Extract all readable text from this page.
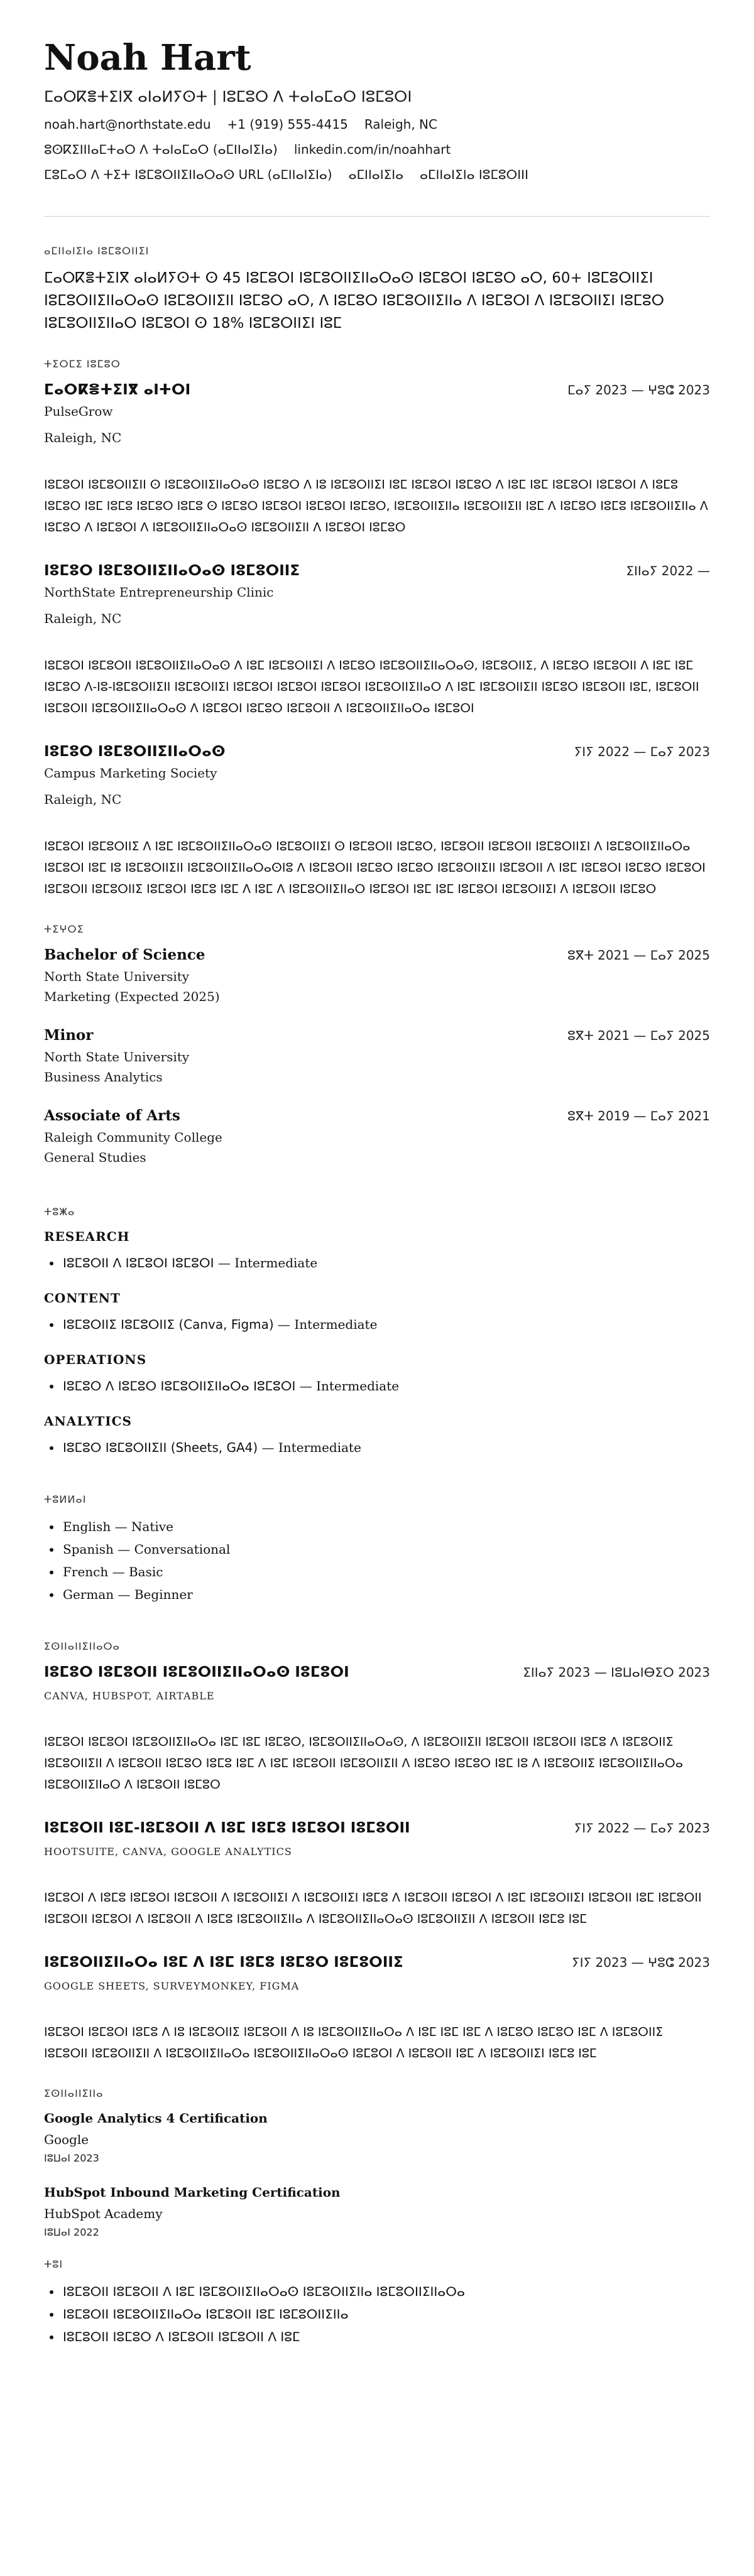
Noah Hart
ⵎⴰⵔⴽⴻⵜⵉⵏⴳ ⴰⵏⴰⵍⵢⵙⵜ | ⵏⵓⵎⵓⵔ ⴷ ⵜⴰⵏⴰⵎⴰⵔ ⵏⵓⵎⵓⵔⵏ
noah.hart@northstate.edu +1 (919) 555-4415 Raleigh, NC
ⵓⵙⴽⵉⵏⵏⵏⴰⵎⵜⴰⵔ ⴷ ⵜⴰⵏⴰⵎⴰⵔ (ⴰⵎⵏⵏⴰⵏⵉⵏⴰ) linkedin.com/in/noahhart
ⵎⵓⵎⴰⵔ ⴷ ⵜⵉⵜ ⵏⵓⵎⵓⵔⵏⵏⵉⵏⵏⴰⵔⴰⵙ URL (ⴰⵎⵏⵏⴰⵏⵉⵏⴰ) ⴰⵎⵏⵏⴰⵏⵉⵏⴰ ⴰⵎⵏⵏⴰⵏⵉⵏⴰ ⵏⵓⵎⵓⵔⵏⵏⵏ
ⴰⵎⵏⵏⴰⵏⵉⵏⴰ ⵏⵓⵎⵓⵔⵏⵏⵉⵏ
ⵎⴰⵔⴽⴻⵜⵉⵏⴳ ⴰⵏⴰⵍⵢⵙⵜ ⵙ 45 ⵏⵓⵎⵓⵔⵏ ⵏⵓⵎⵓⵔⵏⵏⵉⵏⵏⴰⵔⴰⵙ ⵏⵓⵎⵓⵔⵏ ⵏⵓⵎⵓⵔ ⴰⵔ, 60+ ⵏⵓⵎⵓⵔⵏⵏⵉⵏ ⵏⵓⵎⵓⵔⵏⵏⵉⵏⵏⴰⵔⴰⵙ ⵏⵓⵎⵓⵔⵏⵏⵉⵏⵏ ⵏⵓⵎⵓⵔ ⴰⵔ, ⴷ ⵏⵓⵎⵓⵔ ⵏⵓⵎⵓⵔⵏⵏⵉⵏⵏⴰ ⴷ ⵏⵓⵎⵓⵔⵏ ⴷ ⵏⵓⵎⵓⵔⵏⵏⵉⵏ ⵏⵓⵎⵓⵔ ⵏⵓⵎⵓⵔⵏⵏⵉⵏⵏⴰⵔ ⵏⵓⵎⵓⵔⵏ ⵙ 18% ⵏⵓⵎⵓⵔⵏⵏⵉⵏ ⵏⵓⵎ
ⵜⵉⵔⵎⵉ ⵏⵓⵎⵓⵔ
ⵎⴰⵔⴽⴻⵜⵉⵏⴳ ⴰⵏⵜⵔⵏ	ⵎⴰⵢ 2023 — ⵖⵓⵛ 2023
PulseGrow
Raleigh, NC
ⵏⵓⵎⵓⵔⵏ ⵏⵓⵎⵓⵔⵏⵏⵉⵏⵏ ⵙ ⵏⵓⵎⵓⵔⵏⵏⵉⵏⵏⴰⵔⴰⵙ ⵏⵓⵎⵓⵔ ⴷ ⵏⵓ ⵏⵓⵎⵓⵔⵏⵏⵉⵏ ⵏⵓⵎ ⵏⵓⵎⵓⵔⵏ ⵏⵓⵎⵓⵔ ⴷ ⵏⵓⵎ ⵏⵓⵎ ⵏⵓⵎⵓⵔⵏ ⵏⵓⵎⵓⵔⵏ ⴷ ⵏⵓⵎⵓ ⵏⵓⵎⵓⵔ ⵏⵓⵎ ⵏⵓⵎⵓ ⵏⵓⵎⵓⵔ ⵏⵓⵎⵓ ⵙ ⵏⵓⵎⵓⵔ ⵏⵓⵎⵓⵔⵏ ⵏⵓⵎⵓⵔⵏ ⵏⵓⵎⵓⵔ, ⵏⵓⵎⵓⵔⵏⵏⵉⵏⵏⴰ ⵏⵓⵎⵓⵔⵏⵏⵉⵏⵏ ⵏⵓⵎ ⴷ ⵏⵓⵎⵓⵔ ⵏⵓⵎⵓ ⵏⵓⵎⵓⵔⵏⵏⵉⵏⵏⴰ ⴷ ⵏⵓⵎⵓⵔ ⴷ ⵏⵓⵎⵓⵔⵏ ⴷ ⵏⵓⵎⵓⵔⵏⵏⵉⵏⵏⴰⵔⴰⵙ ⵏⵓⵎⵓⵔⵏⵏⵉⵏⵏ ⴷ ⵏⵓⵎⵓⵔⵏ ⵏⵓⵎⵓⵔ
ⵏⵓⵎⵓⵔ ⵏⵓⵎⵓⵔⵏⵏⵉⵏⵏⴰⵔⴰⵙ ⵏⵓⵎⵓⵔⵏⵏⵉ	ⵉⵏⵏⴰⵢ 2022 —
NorthState Entrepreneurship Clinic
Raleigh, NC
ⵏⵓⵎⵓⵔⵏ ⵏⵓⵎⵓⵔⵏⵏ ⵏⵓⵎⵓⵔⵏⵏⵉⵏⵏⴰⵔⴰⵙ ⴷ ⵏⵓⵎ ⵏⵓⵎⵓⵔⵏⵏⵉⵏ ⴷ ⵏⵓⵎⵓⵔ ⵏⵓⵎⵓⵔⵏⵏⵉⵏⵏⴰⵔⴰⵙ, ⵏⵓⵎⵓⵔⵏⵏⵉ, ⴷ ⵏⵓⵎⵓⵔ ⵏⵓⵎⵓⵔⵏⵏ ⴷ ⵏⵓⵎ ⵏⵓⵎ ⵏⵓⵎⵓⵔ ⴷ-ⵏⵓ-ⵏⵓⵎⵓⵔⵏⵏⵉⵏⵏ ⵏⵓⵎⵓⵔⵏⵏⵉⵏ ⵏⵓⵎⵓⵔⵏ ⵏⵓⵎⵓⵔⵏ ⵏⵓⵎⵓⵔⵏ ⵏⵓⵎⵓⵔⵏⵏⵉⵏⵏⴰⵔ ⴷ ⵏⵓⵎ ⵏⵓⵎⵓⵔⵏⵏⵉⵏⵏ ⵏⵓⵎⵓⵔ ⵏⵓⵎⵓⵔⵏⵏ ⵏⵓⵎ, ⵏⵓⵎⵓⵔⵏⵏ ⵏⵓⵎⵓⵔⵏⵏ ⵏⵓⵎⵓⵔⵏⵏⵉⵏⵏⴰⵔⴰⵙ ⴷ ⵏⵓⵎⵓⵔⵏ ⵏⵓⵎⵓⵔ ⵏⵓⵎⵓⵔⵏⵏ ⴷ ⵏⵓⵎⵓⵔⵏⵏⵉⵏⵏⴰⵔⴰ ⵏⵓⵎⵓⵔⵏ
ⵏⵓⵎⵓⵔ ⵏⵓⵎⵓⵔⵏⵏⵉⵏⵏⴰⵔⴰⵙ	ⵢⵏⵢ 2022 — ⵎⴰⵢ 2023
Campus Marketing Society
Raleigh, NC
ⵏⵓⵎⵓⵔⵏ ⵏⵓⵎⵓⵔⵏⵏⵉ ⴷ ⵏⵓⵎ ⵏⵓⵎⵓⵔⵏⵏⵉⵏⵏⴰⵔⴰⵙ ⵏⵓⵎⵓⵔⵏⵏⵉⵏ ⵙ ⵏⵓⵎⵓⵔⵏⵏ ⵏⵓⵎⵓⵔ, ⵏⵓⵎⵓⵔⵏⵏ ⵏⵓⵎⵓⵔⵏⵏ ⵏⵓⵎⵓⵔⵏⵏⵉⵏ ⴷ ⵏⵓⵎⵓⵔⵏⵏⵉⵏⵏⴰⵔⴰ ⵏⵓⵎⵓⵔⵏ ⵏⵓⵎ ⵏⵓ ⵏⵓⵎⵓⵔⵏⵏⵉⵏⵏ ⵏⵓⵎⵓⵔⵏⵏⵉⵏⵏⴰⵔⴰⵙⵏⵓ ⴷ ⵏⵓⵎⵓⵔⵏⵏ ⵏⵓⵎⵓⵔ ⵏⵓⵎⵓⵔ ⵏⵓⵎⵓⵔⵏⵏⵉⵏⵏ ⵏⵓⵎⵓⵔⵏⵏ ⴷ ⵏⵓⵎ ⵏⵓⵎⵓⵔⵏ ⵏⵓⵎⵓⵔ ⵏⵓⵎⵓⵔⵏ ⵏⵓⵎⵓⵔⵏⵏ ⵏⵓⵎⵓⵔⵏⵏⵉ ⵏⵓⵎⵓⵔⵏ ⵏⵓⵎⵓ ⵏⵓⵎ ⴷ ⵏⵓⵎ ⴷ ⵏⵓⵎⵓⵔⵏⵏⵉⵏⵏⴰⵔ ⵏⵓⵎⵓⵔⵏ ⵏⵓⵎ ⵏⵓⵎ ⵏⵓⵎⵓⵔⵏ ⵏⵓⵎⵓⵔⵏⵏⵉⵏ ⴷ ⵏⵓⵎⵓⵔⵏⵏ ⵏⵓⵎⵓⵔ
ⵜⵉⵖⵔⵉ
Bachelor of Science	ⵓⴳⵜ 2021 — ⵎⴰⵢ 2025
North State University
Marketing (Expected 2025)
Minor	ⵓⴳⵜ 2021 — ⵎⴰⵢ 2025
North State University
Business Analytics
Associate of Arts	ⵓⴳⵜ 2019 — ⵎⴰⵢ 2021
Raleigh Community College
General Studies
ⵜⵓⵥⴰ
RESEARCH
• ⵏⵓⵎⵓⵔⵏⵏ ⴷ ⵏⵓⵎⵓⵔⵏ ⵏⵓⵎⵓⵔⵏ — Intermediate
CONTENT
• ⵏⵓⵎⵓⵔⵏⵏⵉ ⵏⵓⵎⵓⵔⵏⵏⵉ (Canva, Figma) — Intermediate
OPERATIONS
• ⵏⵓⵎⵓⵔ ⴷ ⵏⵓⵎⵓⵔ ⵏⵓⵎⵓⵔⵏⵏⵉⵏⵏⴰⵔⴰ ⵏⵓⵎⵓⵔⵏ — Intermediate
ANALYTICS
• ⵏⵓⵎⵓⵔ ⵏⵓⵎⵓⵔⵏⵏⵉⵏⵏ (Sheets, GA4) — Intermediate
ⵜⵓⵍⵍⴰⵏ
• English — Native
• Spanish — Conversational
• French — Basic
• German — Beginner
ⵉⵙⵏⵏⴰⵏⵏⵉⵏⵏⴰⵔⴰ
ⵏⵓⵎⵓⵔ ⵏⵓⵎⵓⵔⵏⵏ ⵏⵓⵎⵓⵔⵏⵏⵉⵏⵏⴰⵔⴰⵙ ⵏⵓⵎⵓⵔⵏ	ⵉⵏⵏⴰⵢ 2023 — ⵏⵓⵡⴰⵏⴱⵉⵔ 2023
CANVA, HUBSPOT, AIRTABLE
ⵏⵓⵎⵓⵔⵏ ⵏⵓⵎⵓⵔⵏ ⵏⵓⵎⵓⵔⵏⵏⵉⵏⵏⴰⵔⴰ ⵏⵓⵎ ⵏⵓⵎ ⵏⵓⵎⵓⵔ, ⵏⵓⵎⵓⵔⵏⵏⵉⵏⵏⴰⵔⴰⵙ, ⴷ ⵏⵓⵎⵓⵔⵏⵏⵉⵏⵏ ⵏⵓⵎⵓⵔⵏⵏ ⵏⵓⵎⵓⵔⵏⵏ ⵏⵓⵎⵓ ⴷ ⵏⵓⵎⵓⵔⵏⵏⵉ ⵏⵓⵎⵓⵔⵏⵏⵉⵏⵏ ⴷ ⵏⵓⵎⵓⵔⵏⵏ ⵏⵓⵎⵓⵔ ⵏⵓⵎⵓ ⵏⵓⵎ ⴷ ⵏⵓⵎ ⵏⵓⵎⵓⵔⵏⵏ ⵏⵓⵎⵓⵔⵏⵏⵉⵏⵏ ⴷ ⵏⵓⵎⵓⵔ ⵏⵓⵎⵓⵔ ⵏⵓⵎ ⵏⵓ ⴷ ⵏⵓⵎⵓⵔⵏⵏⵉ ⵏⵓⵎⵓⵔⵏⵏⵉⵏⵏⴰⵔⴰ ⵏⵓⵎⵓⵔⵏⵏⵉⵏⵏⴰⵔ ⴷ ⵏⵓⵎⵓⵔⵏⵏ ⵏⵓⵎⵓⵔ
ⵏⵓⵎⵓⵔⵏⵏ ⵏⵓⵎ-ⵏⵓⵎⵓⵔⵏⵏ ⴷ ⵏⵓⵎ ⵏⵓⵎⵓ ⵏⵓⵎⵓⵔⵏ ⵏⵓⵎⵓⵔⵏⵏ	ⵢⵏⵢ 2022 — ⵎⴰⵢ 2023
HOOTSUITE, CANVA, GOOGLE ANALYTICS
ⵏⵓⵎⵓⵔⵏ ⴷ ⵏⵓⵎⵓ ⵏⵓⵎⵓⵔⵏ ⵏⵓⵎⵓⵔⵏⵏ ⴷ ⵏⵓⵎⵓⵔⵏⵏⵉⵏ ⴷ ⵏⵓⵎⵓⵔⵏⵏⵉⵏ ⵏⵓⵎⵓ ⴷ ⵏⵓⵎⵓⵔⵏⵏ ⵏⵓⵎⵓⵔⵏ ⴷ ⵏⵓⵎ ⵏⵓⵎⵓⵔⵏⵏⵉⵏ ⵏⵓⵎⵓⵔⵏⵏ ⵏⵓⵎ ⵏⵓⵎⵓⵔⵏⵏ ⵏⵓⵎⵓⵔⵏⵏ ⵏⵓⵎⵓⵔⵏ ⴷ ⵏⵓⵎⵓⵔⵏⵏ ⴷ ⵏⵓⵎⵓ ⵏⵓⵎⵓⵔⵏⵏⵉⵏⵏⴰ ⴷ ⵏⵓⵎⵓⵔⵏⵏⵉⵏⵏⴰⵔⴰⵙ ⵏⵓⵎⵓⵔⵏⵏⵉⵏⵏ ⴷ ⵏⵓⵎⵓⵔⵏⵏ ⵏⵓⵎⵓ ⵏⵓⵎ
ⵏⵓⵎⵓⵔⵏⵏⵉⵏⵏⴰⵔⴰ ⵏⵓⵎ ⴷ ⵏⵓⵎ ⵏⵓⵎⵓ ⵏⵓⵎⵓⵔ ⵏⵓⵎⵓⵔⵏⵏⵉ	ⵢⵏⵢ 2023 — ⵖⵓⵛ 2023
GOOGLE SHEETS, SURVEYMONKEY, FIGMA
ⵏⵓⵎⵓⵔⵏ ⵏⵓⵎⵓⵔⵏ ⵏⵓⵎⵓ ⴷ ⵏⵓ ⵏⵓⵎⵓⵔⵏⵏⵉ ⵏⵓⵎⵓⵔⵏⵏ ⴷ ⵏⵓ ⵏⵓⵎⵓⵔⵏⵏⵉⵏⵏⴰⵔⴰ ⴷ ⵏⵓⵎ ⵏⵓⵎ ⵏⵓⵎ ⴷ ⵏⵓⵎⵓⵔ ⵏⵓⵎⵓⵔ ⵏⵓⵎ ⴷ ⵏⵓⵎⵓⵔⵏⵏⵉ ⵏⵓⵎⵓⵔⵏⵏ ⵏⵓⵎⵓⵔⵏⵏⵉⵏⵏ ⴷ ⵏⵓⵎⵓⵔⵏⵏⵉⵏⵏⴰⵔⴰ ⵏⵓⵎⵓⵔⵏⵏⵉⵏⵏⴰⵔⴰⵙ ⵏⵓⵎⵓⵔⵏ ⴷ ⵏⵓⵎⵓⵔⵏⵏ ⵏⵓⵎ ⴷ ⵏⵓⵎⵓⵔⵏⵏⵉⵏ ⵏⵓⵎⵓ ⵏⵓⵎ
ⵉⵙⵏⵏⴰⵏⵏⵉⵏⵏⴰ
Google Analytics 4 Certification
Google
ⵏⵓⵡⴰⵏ 2023
HubSpot Inbound Marketing Certification
HubSpot Academy
ⵏⵓⵡⴰⵏ 2022
ⵜⵓⵏ
• ⵏⵓⵎⵓⵔⵏⵏ ⵏⵓⵎⵓⵔⵏⵏ ⴷ ⵏⵓⵎ ⵏⵓⵎⵓⵔⵏⵏⵉⵏⵏⴰⵔⴰⵙ ⵏⵓⵎⵓⵔⵏⵏⵉⵏⵏⴰ ⵏⵓⵎⵓⵔⵏⵏⵉⵏⵏⴰⵔⴰ
• ⵏⵓⵎⵓⵔⵏⵏ ⵏⵓⵎⵓⵔⵏⵏⵉⵏⵏⴰⵔⴰ ⵏⵓⵎⵓⵔⵏⵏ ⵏⵓⵎ ⵏⵓⵎⵓⵔⵏⵏⵉⵏⵏⴰ
• ⵏⵓⵎⵓⵔⵏⵏ ⵏⵓⵎⵓⵔ ⴷ ⵏⵓⵎⵓⵔⵏⵏ ⵏⵓⵎⵓⵔⵏⵏ ⴷ ⵏⵓⵎ
